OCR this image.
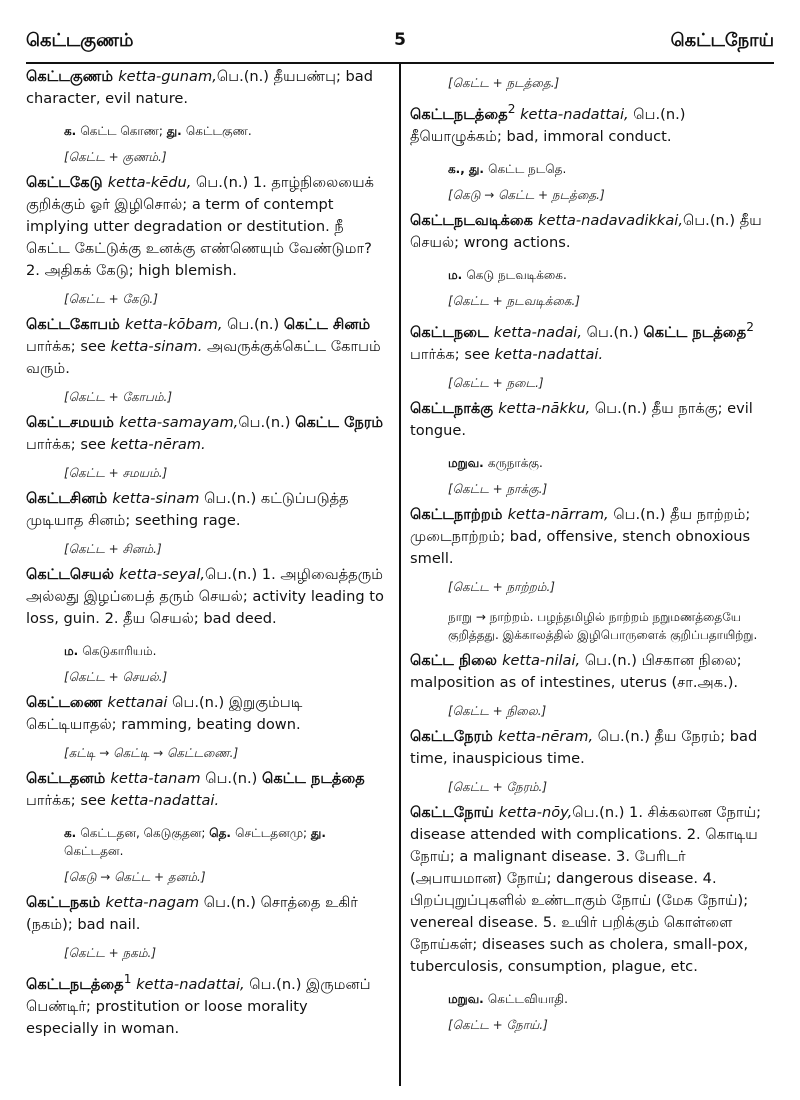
கெட்டகுணம்	5	கெட்டநோய்

கெட்டகுணம் ketta-gunam,பெ.(n.) தீயபண்பு; bad character, evil nature.

க. கெட்ட கொண; து. கெட்டகுண.
[கெட்ட + குணம்.]

கெட்டகேடு ketta-kēdu, பெ.(n.) 1. தாழ்நிலையைக் குறிக்கும் ஓர் இழிசொல்; a term of contempt implying utter degradation or destitution. நீ கெட்ட கேட்டுக்கு உனக்கு எண்ணெயும் வேண்டுமா? 2. அதிகக் கேடு; high blemish.

[கெட்ட + கேடு.]

கெட்டகோபம் ketta-kōbam, பெ.(n.) கெட்ட சினம் பார்க்க; see ketta-sinam. அவருக்குக்கெட்ட கோபம் வரும்.

[கெட்ட + கோபம்.]

கெட்டசமயம் ketta-samayam,பெ.(n.) கெட்ட நேரம் பார்க்க; see ketta-nēram.

[கெட்ட + சமயம்.]

கெட்டசினம் ketta-sinam பெ.(n.) கட்டுப்படுத்த முடியாத சினம்; seething rage.

[கெட்ட + சினம்.]

கெட்டசெயல் ketta-seyal,பெ.(n.) 1. அழிவைத்தரும் அல்லது இழப்பைத் தரும் செயல்; activity leading to loss, guin. 2. தீய செயல்; bad deed.

ம. கெடுகாரியம்.
[கெட்ட + செயல்.]

கெட்டணை kettanai பெ.(n.) இறுகும்படி கெட்டியாதல்; ramming, beating down.

[கட்டி → கெட்டி → கெட்டணை.]

கெட்டதனம் ketta-tanam பெ.(n.) கெட்ட நடத்தை பார்க்க; see ketta-nadattai.

க. கெட்டதன, கெடுகுதன; தெ. செட்டதனமு; து. கெட்டதன.
[கெடு → கெட்ட + தனம்.]

கெட்டநகம் ketta-nagam பெ.(n.) சொத்தை உகிர் (நகம்); bad nail.

[கெட்ட + நகம்.]

கெட்டநடத்தை$^1$ ketta-nadattai, பெ.(n.) இருமனப் பெண்டிர்; prostitution or loose morality especially in woman.

[கெட்ட + நடத்தை.]

கெட்டநடத்தை$^2$ ketta-nadattai, பெ.(n.) தீயொழுக்கம்; bad, immoral conduct.

க., து. கெட்ட நடதெ.
[கெடு → கெட்ட + நடத்தை.]

கெட்டநடவடிக்கை ketta-nadavadikkai,பெ.(n.) தீய செயல்; wrong actions.

ம. கெடு நடவடிக்கை.
[கெட்ட + நடவடிக்கை.]

கெட்டநடை ketta-nadai, பெ.(n.) கெட்ட நடத்தை$^2$ பார்க்க; see ketta-nadattai.

[கெட்ட + நடை.]

கெட்டநாக்கு ketta-nākku, பெ.(n.) தீய நாக்கு; evil tongue.

மறுவ. கருநாக்கு.
[கெட்ட + நாக்கு.]

கெட்டநாற்றம் ketta-nārram, பெ.(n.) தீய நாற்றம்; முடைநாற்றம்; bad, offensive, stench obnoxious smell.

[கெட்ட + நாற்றம்.]
நாறு → நாற்றம். பழந்தமிழில் நாற்றம் நறுமணத்தையே குறித்தது. இக்காலத்தில் இழிபொருளைக் குறிப்பதாயிற்று.

கெட்ட நிலை ketta-nilai, பெ.(n.) பிசகான நிலை; malposition as of intestines, uterus (சா.அக.).

[கெட்ட + நிலை.]

கெட்டநேரம் ketta-nēram, பெ.(n.) தீய நேரம்; bad time, inauspicious time.

[கெட்ட + நேரம்.]

கெட்டநோய் ketta-nōy,பெ.(n.) 1. சிக்கலான நோய்; disease attended with complications. 2. கொடிய நோய்; a malignant disease. 3. பேரிடர் (அபாயமான) நோய்; dangerous disease. 4. பிறப்புறுப்புகளில் உண்டாகும் நோய் (மேக நோய்); venereal disease. 5. உயிர் பறிக்கும் கொள்ளை நோய்கள்; diseases such as cholera, small-pox, tuberculosis, consumption, plague, etc.

மறுவ. கெட்டவியாதி.
[கெட்ட + நோய்.]
